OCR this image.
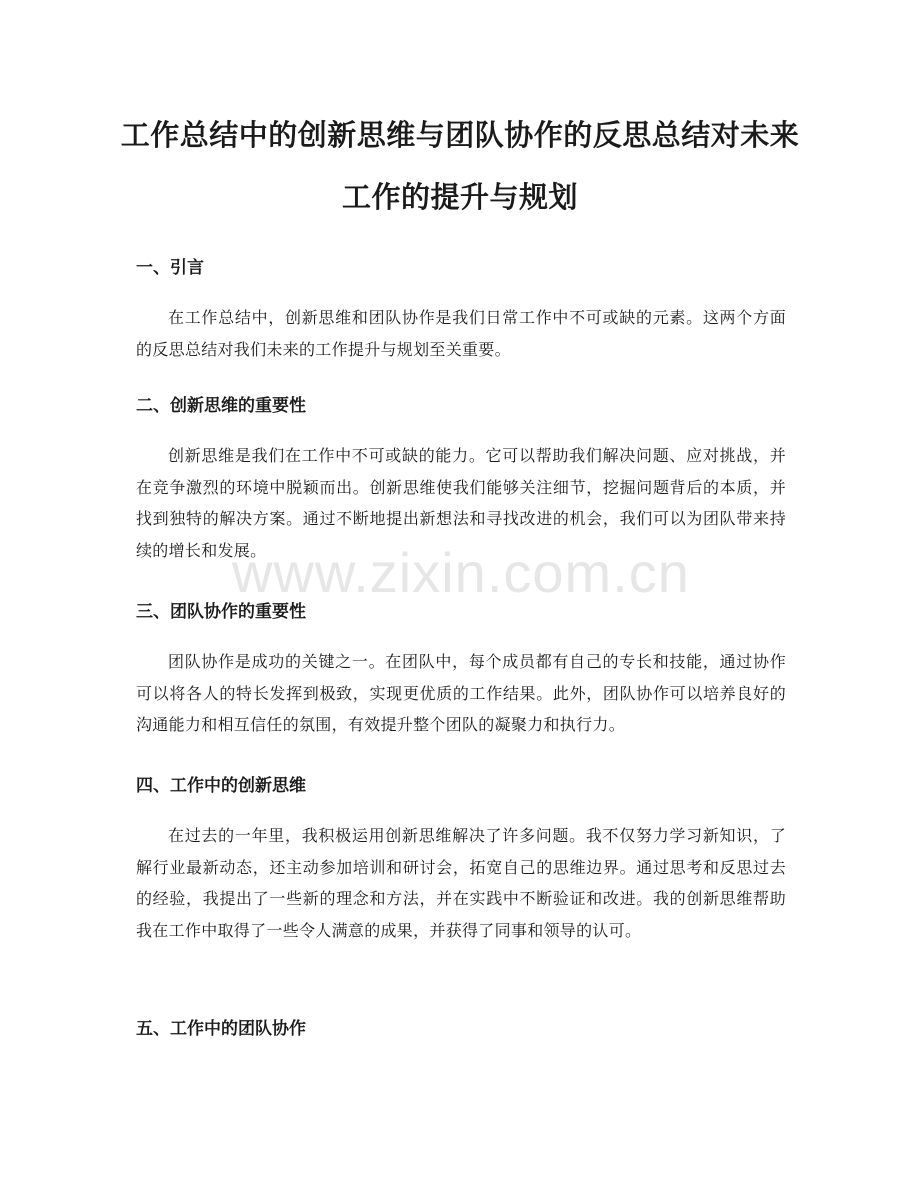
工作总结中的创新思维与团队协作的反思总结对未来工作的提升与规划
一、引言

在工作总结中，创新思维和团队协作是我们日常工作中不可或缺的元素。这两个方面的反思总结对我们未来的工作提升与规划至关重要。

二、创新思维的重要性

创新思维是我们在工作中不可或缺的能力。它可以帮助我们解决问题、应对挑战，并在竞争激烈的环境中脱颖而出。创新思维使我们能够关注细节，挖掘问题背后的本质，并找到独特的解决方案。通过不断地提出新想法和寻找改进的机会，我们可以为团队带来持续的增长和发展。

三、团队协作的重要性

团队协作是成功的关键之一。在团队中，每个成员都有自己的专长和技能，通过协作可以将各人的特长发挥到极致，实现更优质的工作结果。此外，团队协作可以培养良好的沟通能力和相互信任的氛围，有效提升整个团队的凝聚力和执行力。

四、工作中的创新思维

在过去的一年里，我积极运用创新思维解决了许多问题。我不仅努力学习新知识，了解行业最新动态，还主动参加培训和研讨会，拓宽自己的思维边界。通过思考和反思过去的经验，我提出了一些新的理念和方法，并在实践中不断验证和改进。我的创新思维帮助我在工作中取得了一些令人满意的成果，并获得了同事和领导的认可。

五、工作中的团队协作
www.zixin.com.cn
